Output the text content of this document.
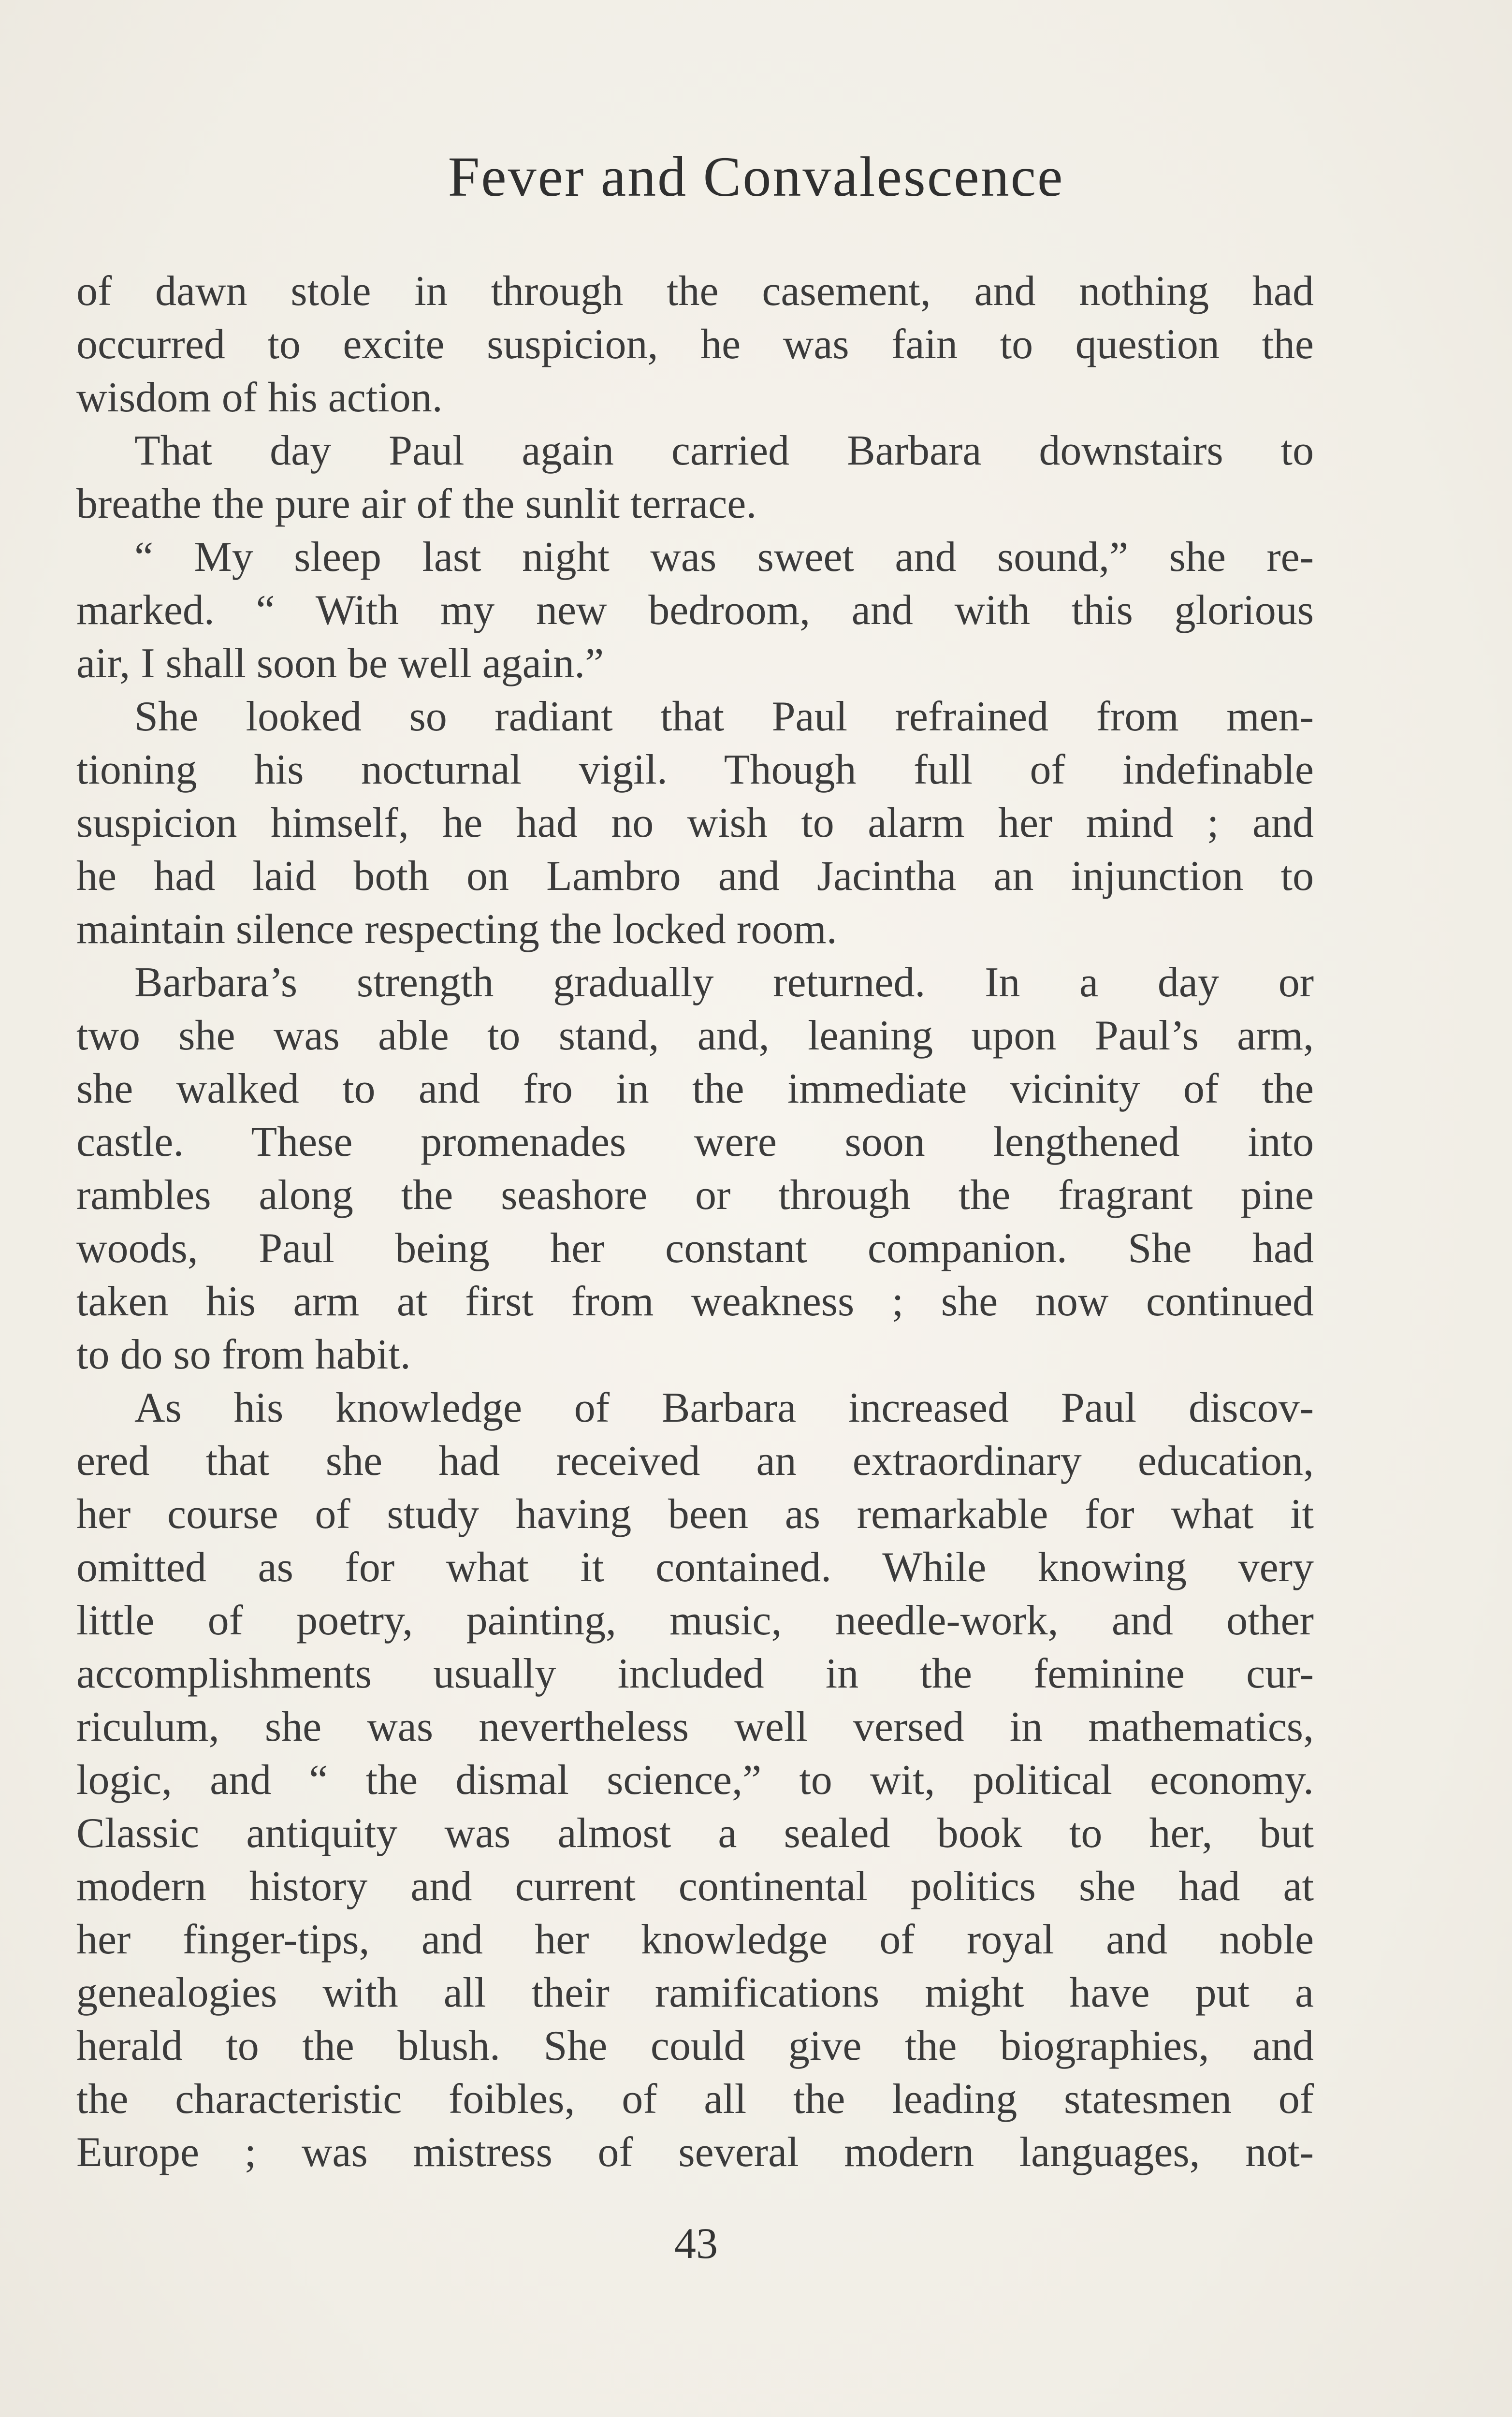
Fever and Convalescence
of dawn stole in through the casement, and nothing had
occurred to excite suspicion, he was fain to question the
wisdom of his action.
That day Paul again carried Barbara downstairs to
breathe the pure air of the sunlit terrace.
“ My sleep last night was sweet and sound,” she re-
marked. “ With my new bedroom, and with this glorious
air, I shall soon be well again.”
She looked so radiant that Paul refrained from men-
tioning his nocturnal vigil. Though full of indefinable
suspicion himself, he had no wish to alarm her mind ; and
he had laid both on Lambro and Jacintha an injunction to
maintain silence respecting the locked room.
Barbara’s strength gradually returned. In a day or
two she was able to stand, and, leaning upon Paul’s arm,
she walked to and fro in the immediate vicinity of the
castle. These promenades were soon lengthened into
rambles along the seashore or through the fragrant pine
woods, Paul being her constant companion. She had
taken his arm at first from weakness ; she now continued
to do so from habit.
As his knowledge of Barbara increased Paul discov-
ered that she had received an extraordinary education,
her course of study having been as remarkable for what it
omitted as for what it contained. While knowing very
little of poetry, painting, music, needle-work, and other
accomplishments usually included in the feminine cur-
riculum, she was nevertheless well versed in mathematics,
logic, and “ the dismal science,” to wit, political economy.
Classic antiquity was almost a sealed book to her, but
modern history and current continental politics she had at
her finger-tips, and her knowledge of royal and noble
genealogies with all their ramifications might have put a
herald to the blush. She could give the biographies, and
the characteristic foibles, of all the leading statesmen of
Europe ; was mistress of several modern languages, not-
43
